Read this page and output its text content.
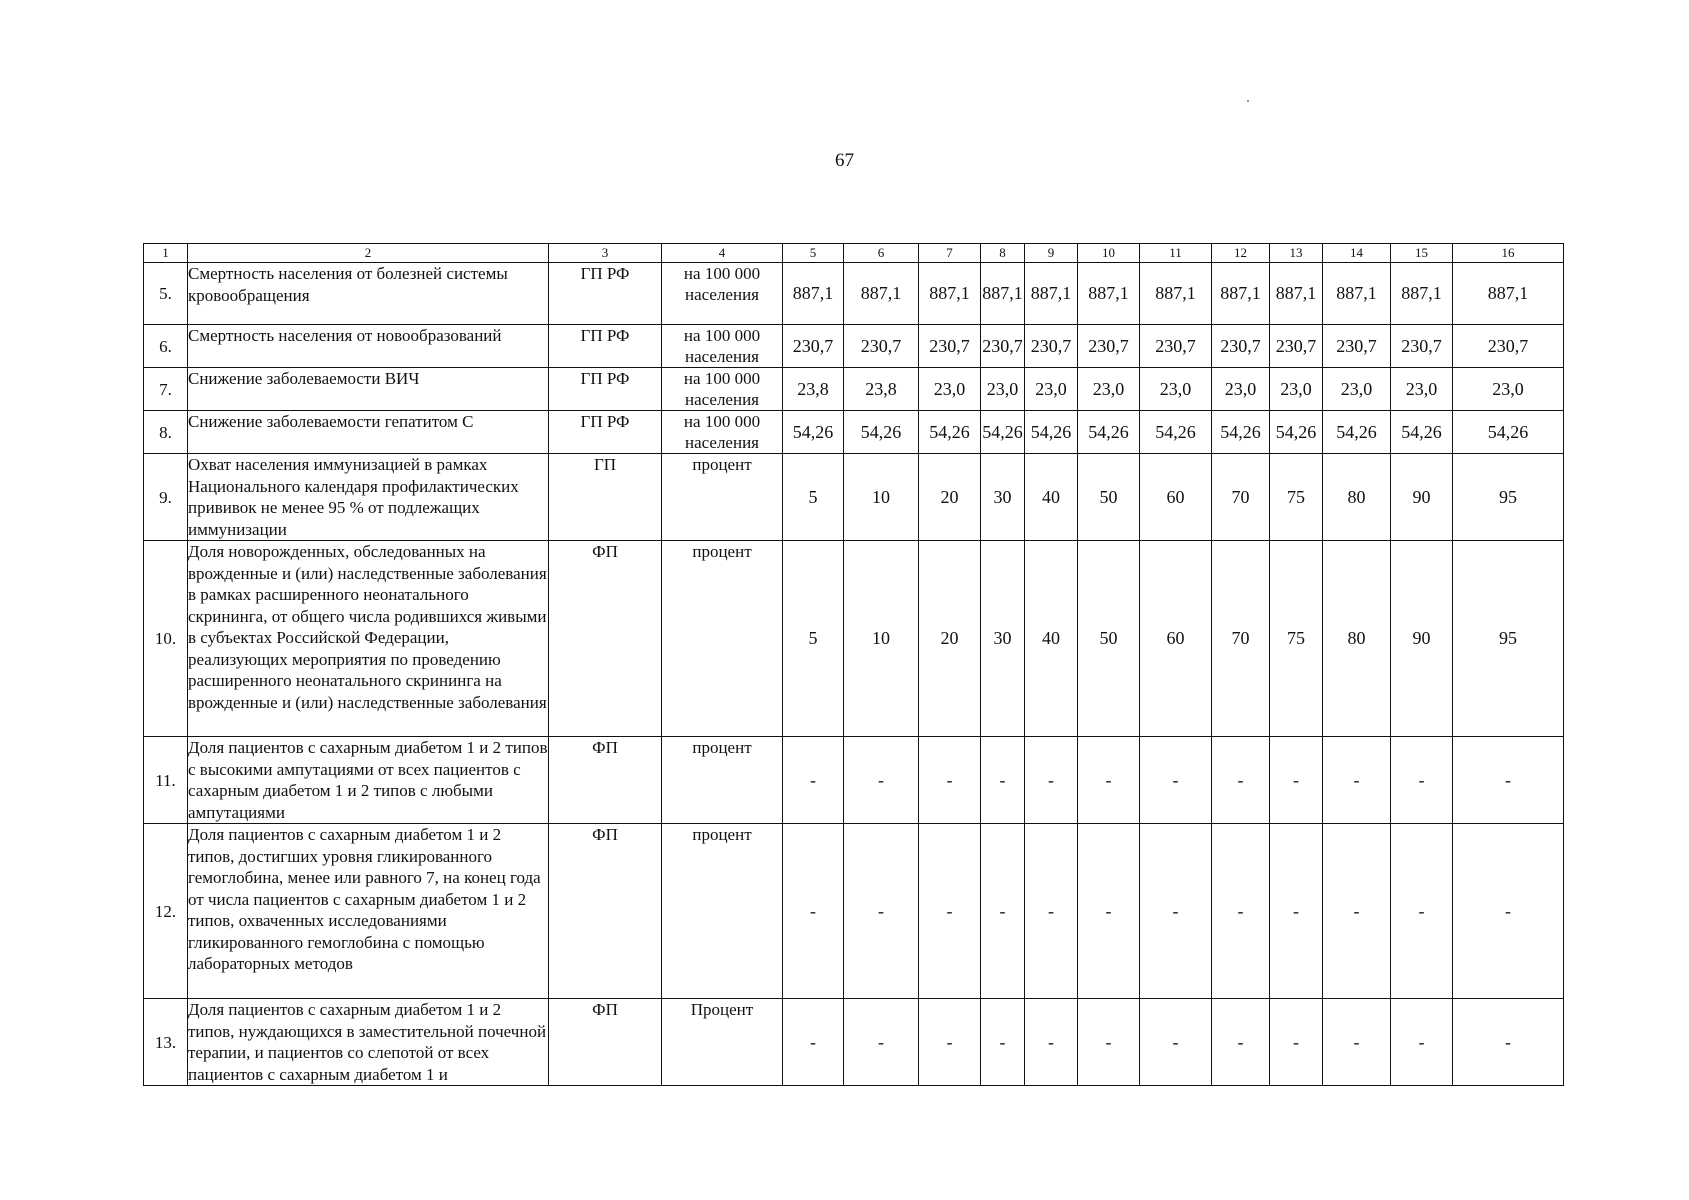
67
1	2	3	4	5	6	7	8	9	10	11	12	13	14	15	16
5.	Смертность населения от болезней системы кровообращения	ГП РФ	на 100 000 населения	887,1	887,1	887,1	887,1	887,1	887,1	887,1	887,1	887,1	887,1	887,1	887,1
6.	Смертность населения от новообразований	ГП РФ	на 100 000 населения	230,7	230,7	230,7	230,7	230,7	230,7	230,7	230,7	230,7	230,7	230,7	230,7
7.	Снижение заболеваемости ВИЧ	ГП РФ	на 100 000 населения	23,8	23,8	23,0	23,0	23,0	23,0	23,0	23,0	23,0	23,0	23,0	23,0
8.	Снижение заболеваемости гепатитом С	ГП РФ	на 100 000 населения	54,26	54,26	54,26	54,26	54,26	54,26	54,26	54,26	54,26	54,26	54,26	54,26
9.	Охват населения иммунизацией в рамках Национального календаря профилактических прививок не менее 95 % от подлежащих иммунизации	ГП	процент	5	10	20	30	40	50	60	70	75	80	90	95
10.	Доля новорожденных, обследованных на врожденные и (или) наследственные заболевания в рамках расширенного неонатального скрининга, от общего числа родившихся живыми в субъектах Российской Федерации, реализующих мероприятия по проведению расширенного неонатального скрининга на врожденные и (или) наследственные заболевания	ФП	процент	5	10	20	30	40	50	60	70	75	80	90	95
11.	Доля пациентов с сахарным диабетом 1 и 2 типов с высокими ампутациями от всех пациентов с сахарным диабетом 1 и 2 типов с любыми ампутациями	ФП	процент	-	-	-	-	-	-	-	-	-	-	-	-
12.	Доля пациентов с сахарным диабетом 1 и 2 типов, достигших уровня гликированного гемоглобина, менее или равного 7, на конец года от числа пациентов с сахарным диабетом 1 и 2 типов, охваченных исследованиями гликированного гемоглобина с помощью лабораторных методов	ФП	процент	-	-	-	-	-	-	-	-	-	-	-	-
13.	Доля пациентов с сахарным диабетом 1 и 2 типов, нуждающихся в заместительной почечной терапии, и пациентов со слепотой от всех пациентов с сахарным диабетом 1 и	ФП	Процент	-	-	-	-	-	-	-	-	-	-	-	-
